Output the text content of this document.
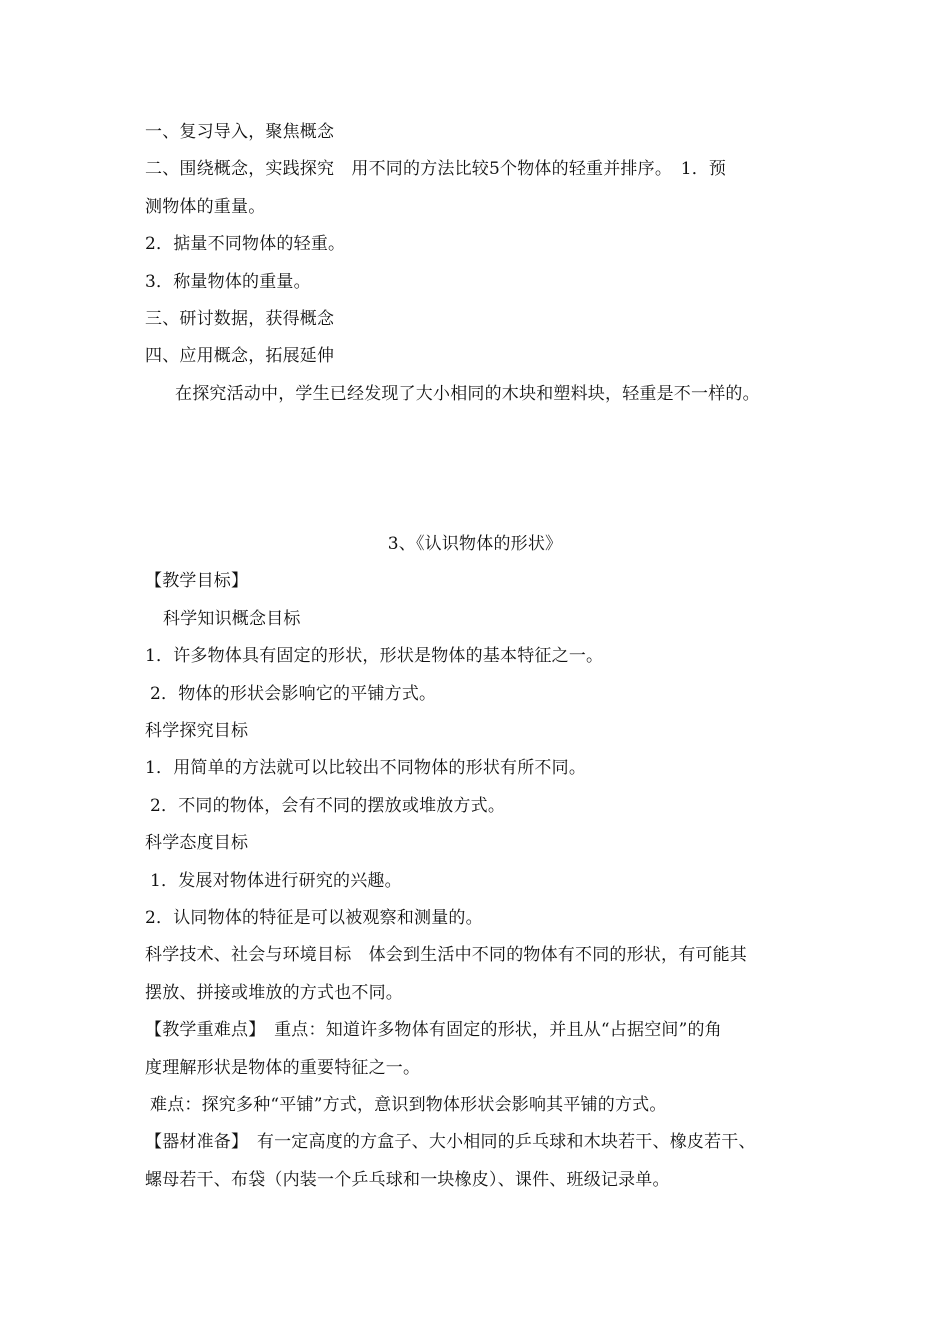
一、复习导入，聚焦概念
二、围绕概念，实践探究　用不同的方法比较5个物体的轻重并排序。　1．预
测物体的重量。
2．掂量不同物体的轻重。
3．称量物体的重量。
三、研讨数据，获得概念
四、应用概念，拓展延伸
在探究活动中，学生已经发现了大小相同的木块和塑料块，轻重是不一样的。
3、《认识物体的形状》
【教学目标】
科学知识概念目标
1．许多物体具有固定的形状，形状是物体的基本特征之一。
2．物体的形状会影响它的平铺方式。
科学探究目标
1．用简单的方法就可以比较出不同物体的形状有所不同。
2．不同的物体，会有不同的摆放或堆放方式。
科学态度目标
1．发展对物体进行研究的兴趣。
2．认同物体的特征是可以被观察和测量的。
科学技术、社会与环境目标　体会到生活中不同的物体有不同的形状，有可能其
摆放、拼接或堆放的方式也不同。
【教学重难点】　重点：知道许多物体有固定的形状，并且从“占据空间”的角
度理解形状是物体的重要特征之一。
难点：探究多种“平铺”方式，意识到物体形状会影响其平铺的方式。
【器材准备】　有一定高度的方盒子、大小相同的乒乓球和木块若干、橡皮若干、
螺母若干、布袋（内装一个乒乓球和一块橡皮）、课件、班级记录单。
